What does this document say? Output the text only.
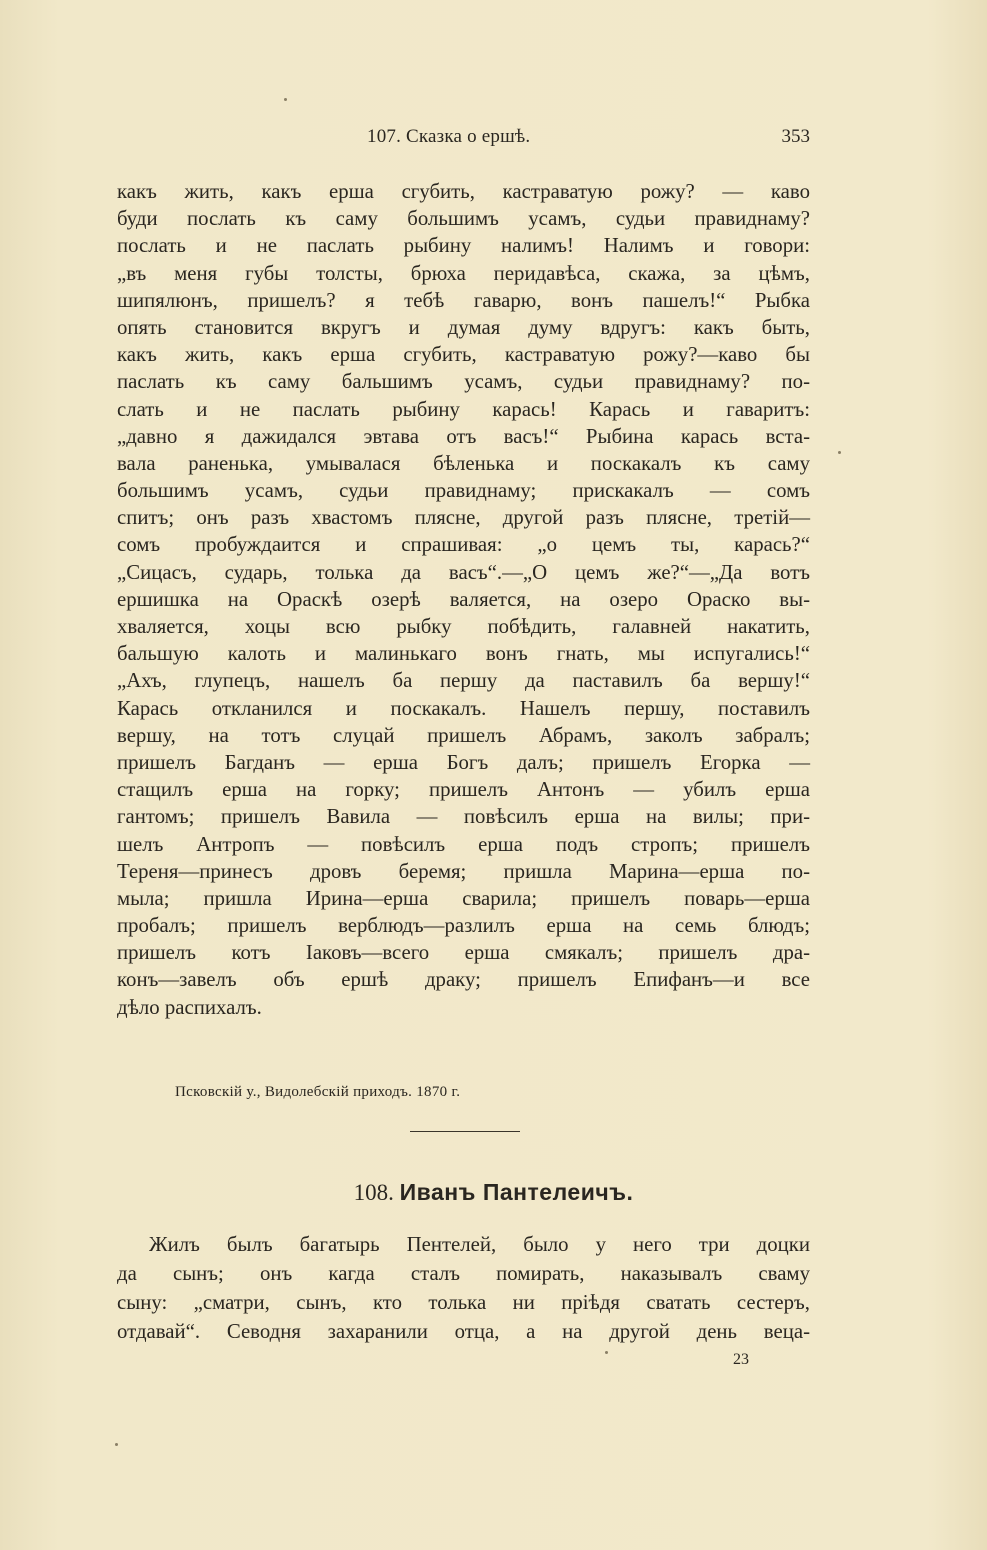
107. Сказка о ершѣ.	353
какъ жить, какъ ерша сгубить, кастраватую рожу? — каво
буди послать къ саму большимъ усамъ, судьи правиднаму?
послать и не паслать рыбину налимъ! Налимъ и говори:
„въ меня губы толсты, брюха перидавѣса, скажа, за цѣмъ,
шипялюнъ, пришелъ? я тебѣ гаварю, вонъ пашелъ!“ Рыбка
опять становится вкругъ и думая думу вдругъ: какъ быть,
какъ жить, какъ ерша сгубить, кастраватую рожу?—каво бы
паслать къ саму бальшимъ усамъ, судьи правиднаму? по-
слать и не паслать рыбину карась! Карась и гаваритъ:
„давно я дажидался эвтава отъ васъ!“ Рыбина карась вста-
вала раненька, умывалася бѣленька и поскакалъ къ саму
большимъ усамъ, судьи правиднаму; прискакалъ — сомъ
спитъ; онъ разъ хвастомъ плясне, другой разъ плясне, третій—
сомъ пробуждаится и спрашивая: „о цемъ ты, карась?“
„Сицасъ, сударь, толька да васъ“.—„О цемъ же?“—„Да вотъ
ершишка на Ораскѣ озерѣ валяется, на озеро Ораско вы-
хваляется, хоцы всю рыбку побѣдить, галавней накатить,
бальшую калоть и малинькаго вонъ гнать, мы испугались!“
„Ахъ, глупецъ, нашелъ ба першу да паставилъ ба вершу!“
Карась откланился и поскакалъ. Нашелъ першу, поставилъ
вершу, на тотъ слуцай пришелъ Абрамъ, заколъ забралъ;
пришелъ Багданъ — ерша Богъ далъ; пришелъ Егорка —
стащилъ ерша на горку; пришелъ Антонъ — убилъ ерша
гантомъ; пришелъ Вавила — повѣсилъ ерша на вилы; при-
шелъ Антропъ — повѣсилъ ерша подъ стропъ; пришелъ
Тереня—принесъ дровъ беремя; пришла Марина—ерша по-
мыла; пришла Ирина—ерша сварила; пришелъ поварь—ерша
пробалъ; пришелъ верблюдъ—разлилъ ерша на семь блюдъ;
пришелъ котъ Іаковъ—всего ерша смякалъ; пришелъ дра-
конъ—завелъ объ ершѣ драку; пришелъ Епифанъ—и все
дѣло распихалъ.
Псковскій у., Видолебскій приходъ. 1870 г.
108. Иванъ Пантелеичъ.
Жилъ былъ багатырь Пентелей, было у него три доцки
да сынъ; онъ кагда сталъ помирать, наказывалъ сваму
сыну: „сматри, сынъ, кто толька ни пріѣдя сватать сестеръ,
отдавай“. Севодня захаранили отца, а на другой день веца-
23
